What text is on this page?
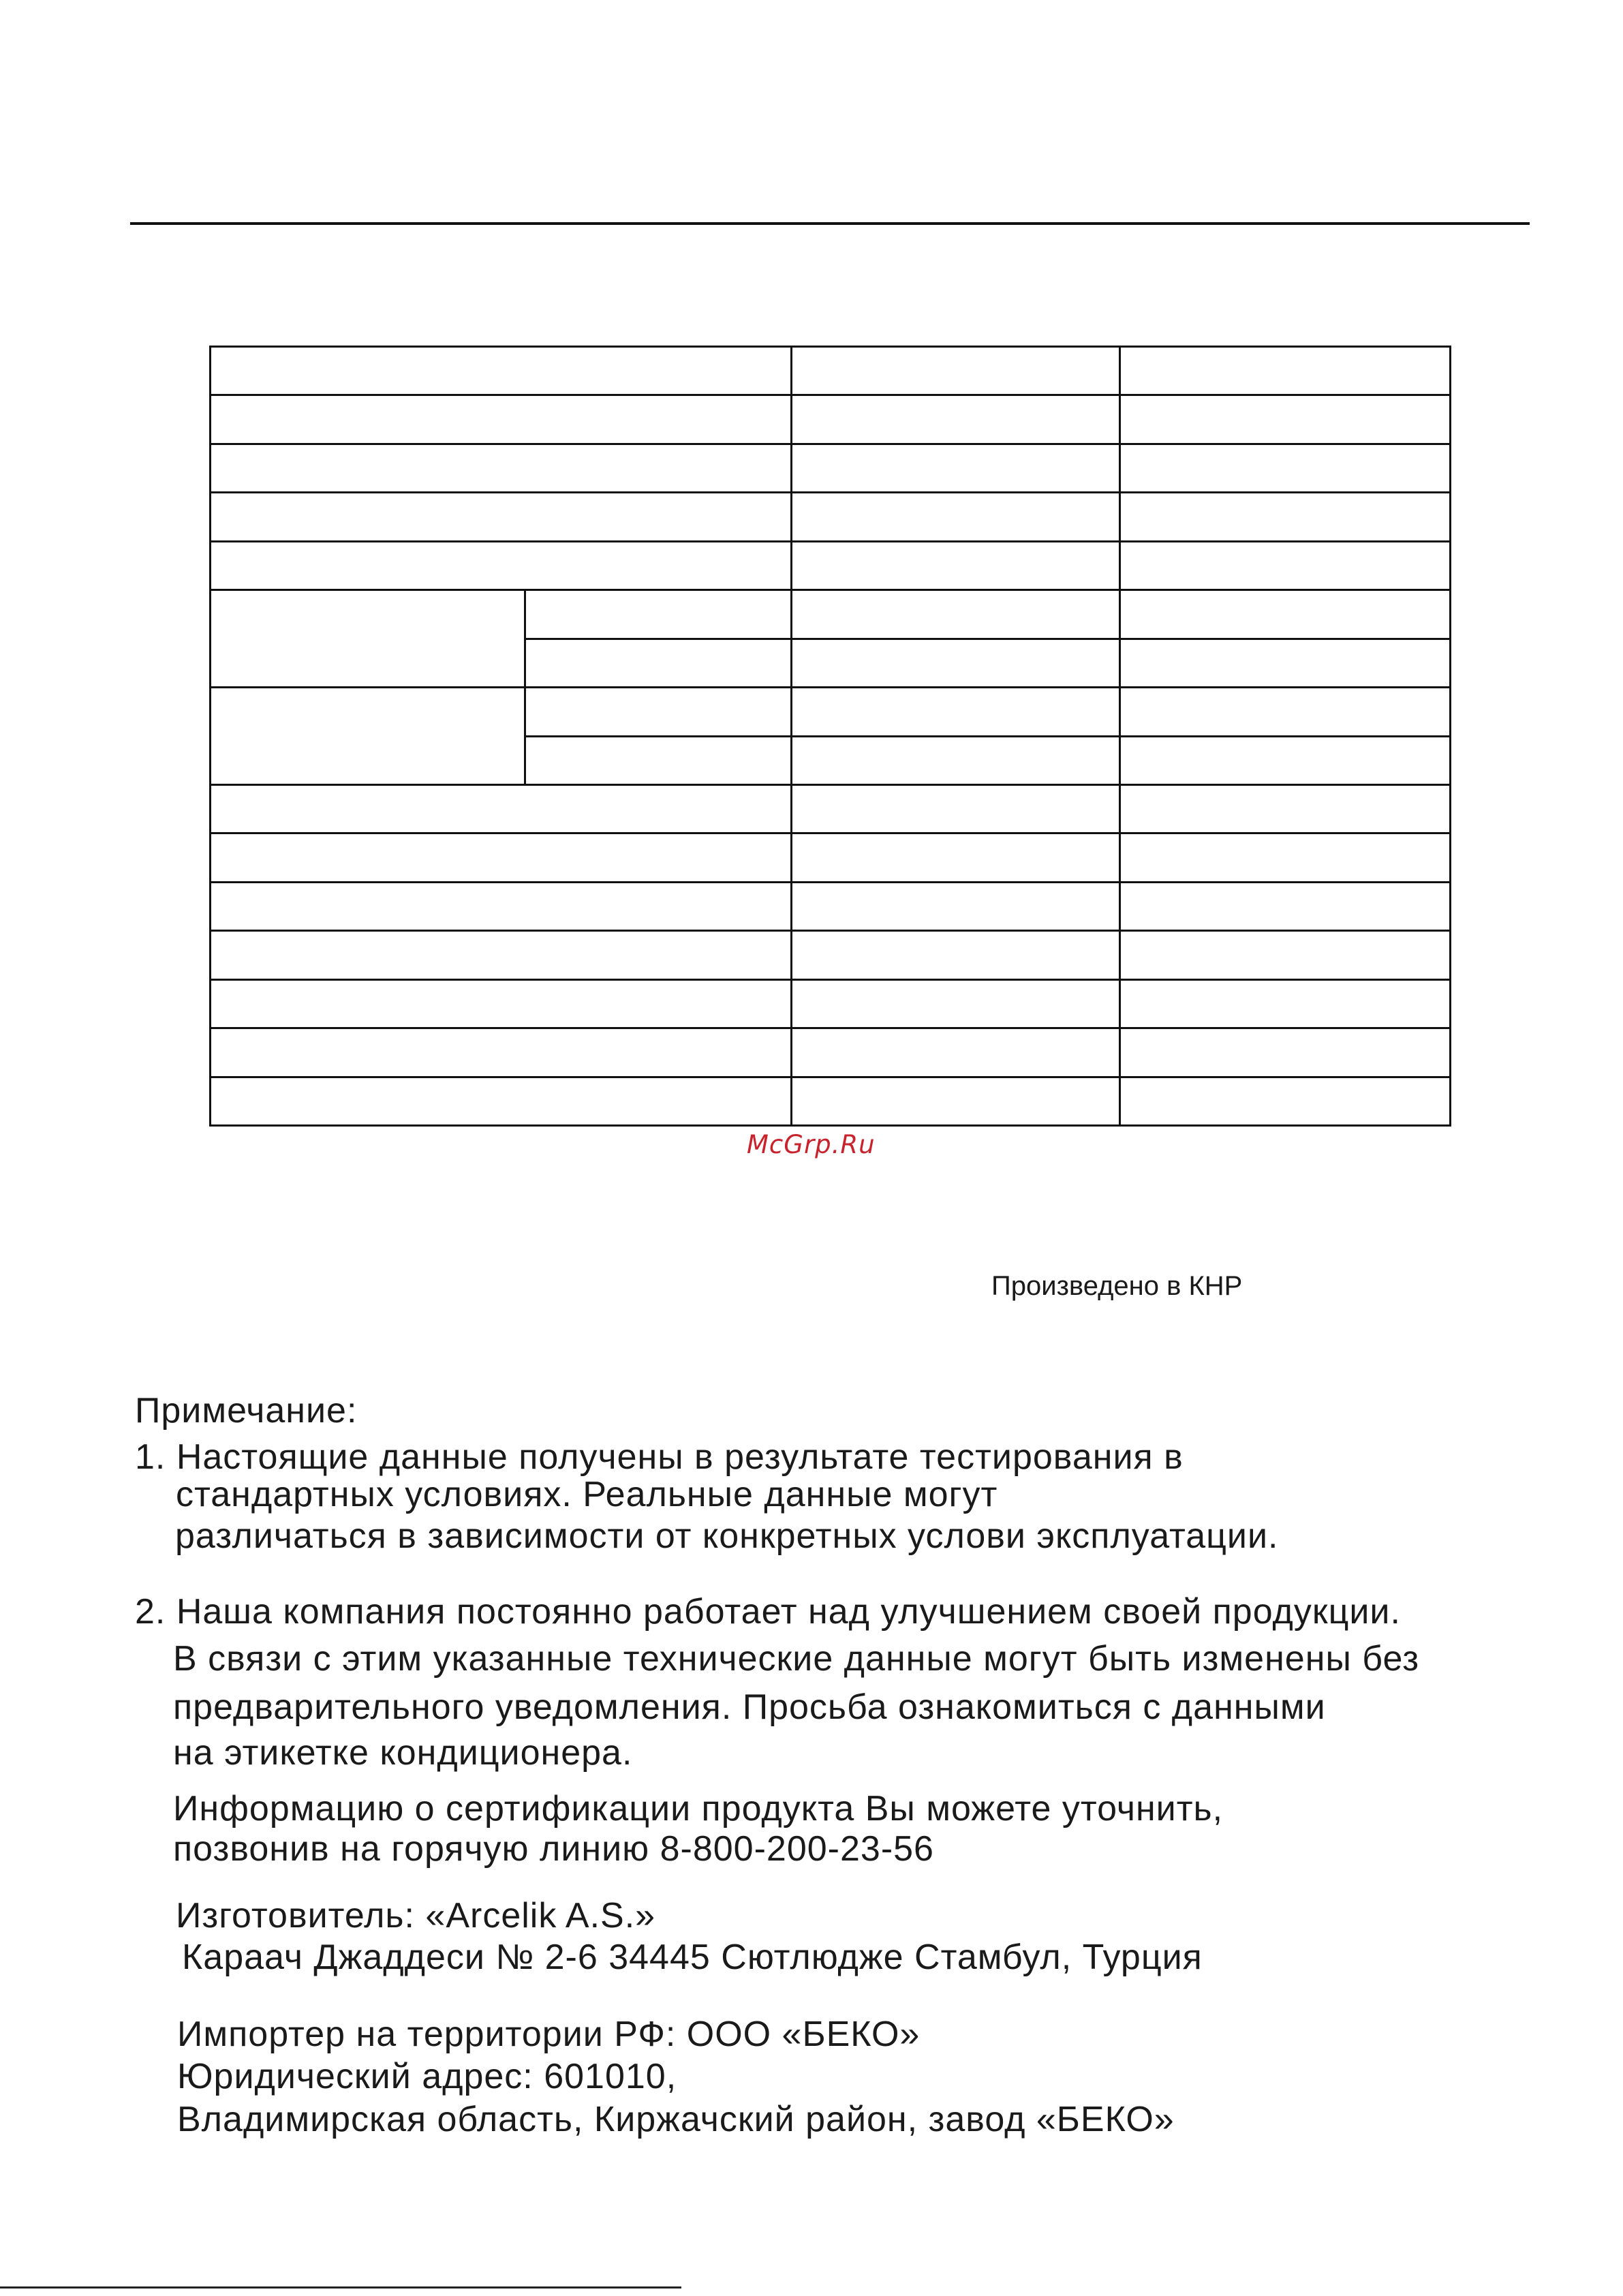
McGrp.Ru
Произведено в КНР
Примечание:
1. Настоящие данные получены в результате тестирования в
стандартных условиях. Реальные данные могут
различаться в зависимости от конкретных услови эксплуатации.
2. Наша компания постоянно работает над улучшением своей продукции.
В связи с этим указанные технические данные могут быть изменены без
предварительного уведомления. Просьба ознакомиться с данными
на этикетке кондиционера.
Информацию о сертификации продукта Вы можете уточнить,
позвонив на горячую линию 8-800-200-23-56
Изготовитель: «Arcelik A.S.»
Караач Джаддеси № 2-6 34445 Сютлюдже Стамбул, Турция
Импортер на территории РФ: ООО «БЕКО»
Юридический адрес: 601010,
Владимирская область, Киржачский район, завод «БЕКО»
